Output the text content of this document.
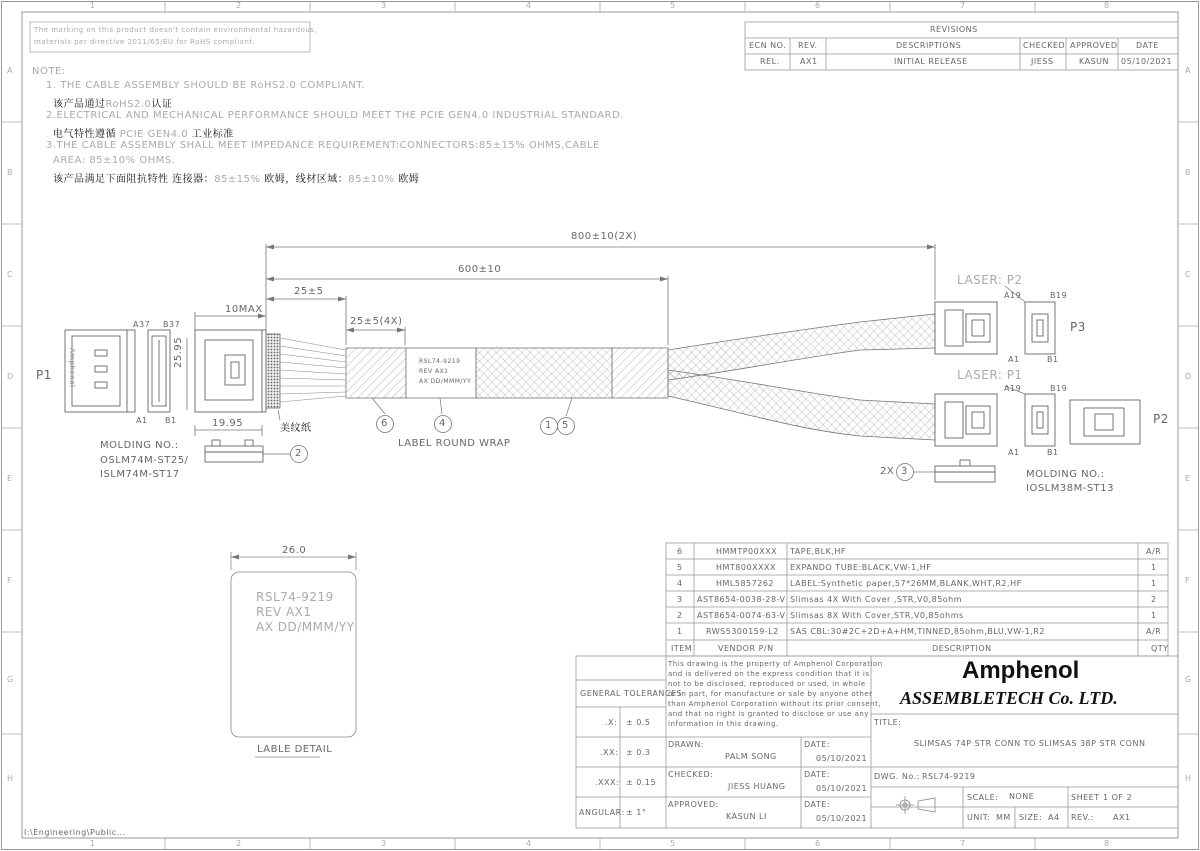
1	2	3	4	5	6	7	8
1	2	3	4	5	6	7	8
A
B
C
D
E
F
G
H
A
B
C
D
E
F
G
H
The marking on this product doesn't contain environmental hazardous,
materials per directive 2011/65/EU for RoHS compliant.
REVISIONS
ECN NO. REV.	DESCRIPTIONS	CHECKED APPROVED DATE
REL.	AX1	INITIAL RELEASE	JIESS	KASUN 05/10/2021
NOTE:
1. THE CABLE ASSEMBLY SHOULD BE RoHS2.0 COMPLIANT.
该产品通过RoHS2.0认证
2.ELECTRICAL AND MECHANICAL PERFORMANCE SHOULD MEET THE PCIE GEN4.0 INDUSTRIAL STANDARD.
电气特性遵循 PCIE GEN4.0 工业标准
3.THE CABLE ASSEMBLY SHALL MEET IMPEDANCE REQUIREMENT:CONNECTORS:85±15% OHMS,CABLE
AREA: 85±10% OHMS.
该产品满足下面阻抗特性 连接器：85±15% 欧姆，线材区域：85±10% 欧姆
800±10(2X)
600±10
25±5
25±5(4X)
10MAX
25.95
19.95
P1
P2
P3
A37 B37
A1 B1
A19	B19
A1	B1
A19	B19
A1	B1
LASER: P2
LASER: P1
美纹纸
LABEL ROUND WRAP
Amphenol
MOLDING NO.:
OSLM74M-ST25/
ISLM74M-ST17	MOLDING NO.:
IOSLM38M-ST13
2X
6	4	1 5
2
3
RSL74-9219
REV AX1
AX DD/MMM/YY
26.0
RSL74-9219
REV AX1
AX DD/MMM/YY
LABLE DETAIL
6	HMMTP00XXX TAPE,BLK,HF	A/R
5	HMT800XXXX EXPANDO TUBE:BLACK,VW-1,HF	1
4	HML5857262 LABEL:Synthetic paper,57*26MM,BLANK,WHT,R2,HF	1
3 AST8654-0038-28-V Slimsas 4X With Cover ,STR,V0,85ohm	2
2 AST8654-0074-63-V Slimsas 8X With Cover,STR,V0,85ohms	1
1	RWS5300159-L2 SAS CBL:30#2C+2D+A+HM,TINNED,85ohm,BLU,VW-1,R2	A/R
ITEM	VENDOR P/N	DESCRIPTION	QTY
This drawing is the property of Amphenol Corporation
and is delivered on the express condition that it is
not to be disclosed, reproduced or used, in whole
or in part, for manufacture or sale by anyone other
than Amphenol Corporation without its prior consent,
and that no right is granted to disclose or use any
information in this drawing.
Amphenol
ASSEMBLETECH Co. LTD.
GENERAL TOLERANCES
.X: ± 0.5
.XX: ± 0.3
.XXX: ± 0.15
ANGULAR: ± 1°
DRAWN:
PALM SONG
DATE:
05/10/2021
CHECKED:
JIESS HUANG
DATE:
05/10/2021
APPROVED:
KASUN LI
DATE:
05/10/2021
TITLE:
SLIMSAS 74P STR CONN TO SLIMSAS 38P STR CONN
DWG. No.: RSL74-9219
SCALE: NONE	SHEET 1 OF 2
UNIT: MM SIZE: A4 REV.: AX1
I:\Engineering\Public...
